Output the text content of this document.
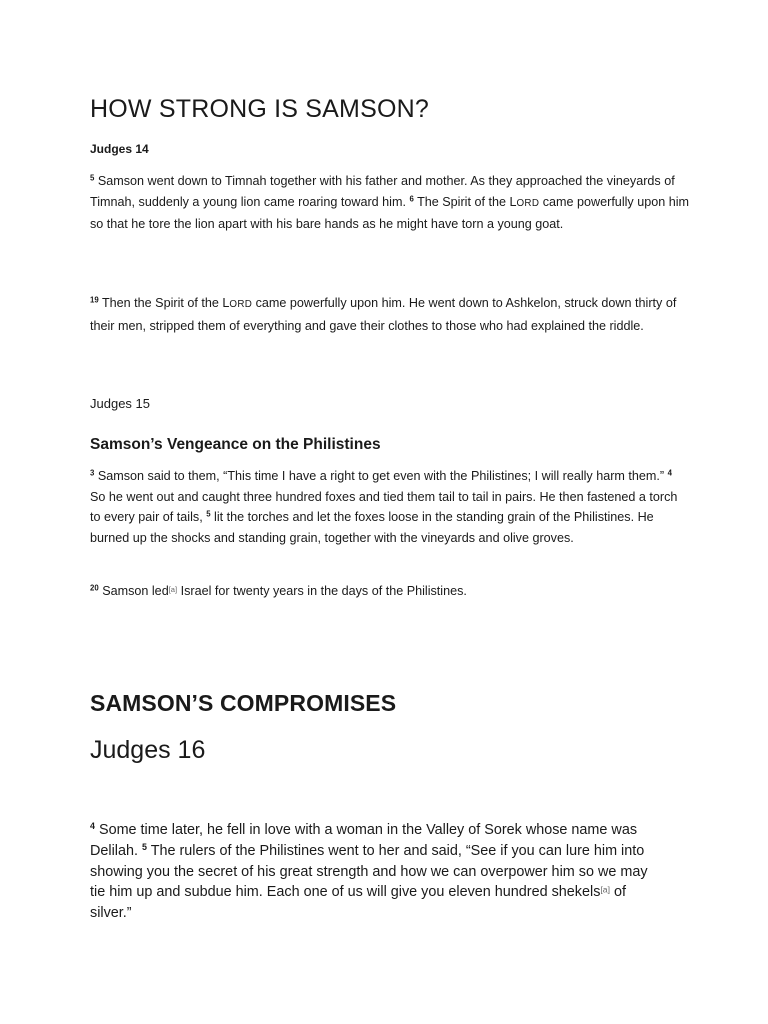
HOW STRONG IS SAMSON?
Judges 14

$^5$ Samson went down to Timnah together with his father and mother. As they approached the vineyards of Timnah, suddenly a young lion came roaring toward him. $^6$ The Spirit of the LORD came powerfully upon him so that he tore the lion apart with his bare hands as he might have torn a young goat.

$^{19}$ Then the Spirit of the LORD came powerfully upon him. He went down to Ashkelon, struck down thirty of their men, stripped them of everything and gave their clothes to those who had explained the riddle.

Judges 15
Samson’s Vengeance on the Philistines

$^3$ Samson said to them, “This time I have a right to get even with the Philistines; I will really harm them.” $^4$ So he went out and caught three hundred foxes and tied them tail to tail in pairs. He then fastened a torch to every pair of tails, $^5$ lit the torches and let the foxes loose in the standing grain of the Philistines. He burned up the shocks and standing grain, together with the vineyards and olive groves.

$^{20}$ Samson led[a] Israel for twenty years in the days of the Philistines.

SAMSON’S COMPROMISES
Judges 16

$^4$ Some time later, he fell in love with a woman in the Valley of Sorek whose name was Delilah. $^5$ The rulers of the Philistines went to her and said, “See if you can lure him into showing you the secret of his great strength and how we can overpower him so we may tie him up and subdue him. Each one of us will give you eleven hundred shekels[a] of silver.”
